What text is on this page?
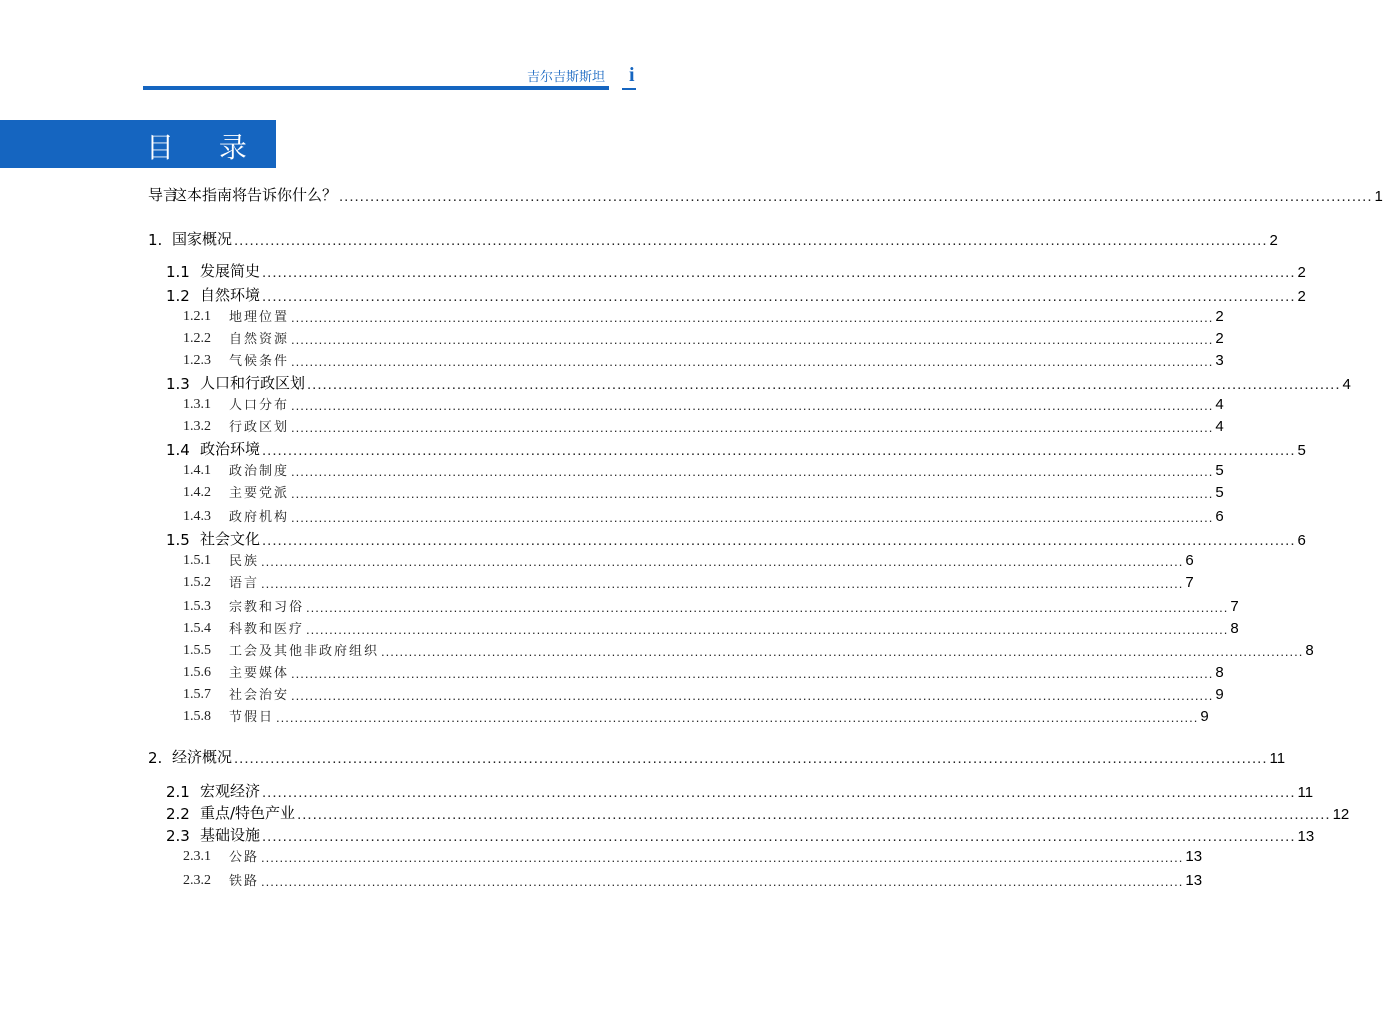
吉尔吉斯斯坦 i
目 录
导言
这本指南将告诉你什么？ ........................................................................................................................................................................................................ 1
1. 国家概况 ........................................................................................................................................................................................................ 2
1.1 发展简史 ........................................................................................................................................................................................................ 2
1.2 自然环境 ........................................................................................................................................................................................................ 2
1.2.1	地理位置 ........................................................................................................................................................................................................ 2
1.2.2	自然资源 ........................................................................................................................................................................................................ 2
1.2.3	气候条件 ........................................................................................................................................................................................................ 3
1.3 人口和行政区划 ........................................................................................................................................................................................................ 4
1.3.1	人口分布 ........................................................................................................................................................................................................ 4
1.3.2	行政区划 ........................................................................................................................................................................................................ 4
1.4 政治环境 ........................................................................................................................................................................................................ 5
1.4.1	政治制度 ........................................................................................................................................................................................................ 5
1.4.2	主要党派 ........................................................................................................................................................................................................ 5
1.4.3	政府机构 ........................................................................................................................................................................................................ 6
1.5 社会文化 ........................................................................................................................................................................................................ 6
1.5.1	民族 ........................................................................................................................................................................................................ 6
1.5.2	语言 ........................................................................................................................................................................................................ 7
1.5.3	宗教和习俗 ........................................................................................................................................................................................................ 7
1.5.4	科教和医疗 ........................................................................................................................................................................................................ 8
1.5.5	工会及其他非政府组织 ........................................................................................................................................................................................................ 8
1.5.6	主要媒体 ........................................................................................................................................................................................................ 8
1.5.7	社会治安 ........................................................................................................................................................................................................ 9
1.5.8	节假日 ........................................................................................................................................................................................................ 9
2. 经济概况 ........................................................................................................................................................................................................ 11
2.1 宏观经济 ........................................................................................................................................................................................................ 11
2.2 重点/特色产业 ........................................................................................................................................................................................................ 12
2.3 基础设施 ........................................................................................................................................................................................................ 13
2.3.1	公路 ........................................................................................................................................................................................................ 13
2.3.2	铁路 ........................................................................................................................................................................................................ 13
